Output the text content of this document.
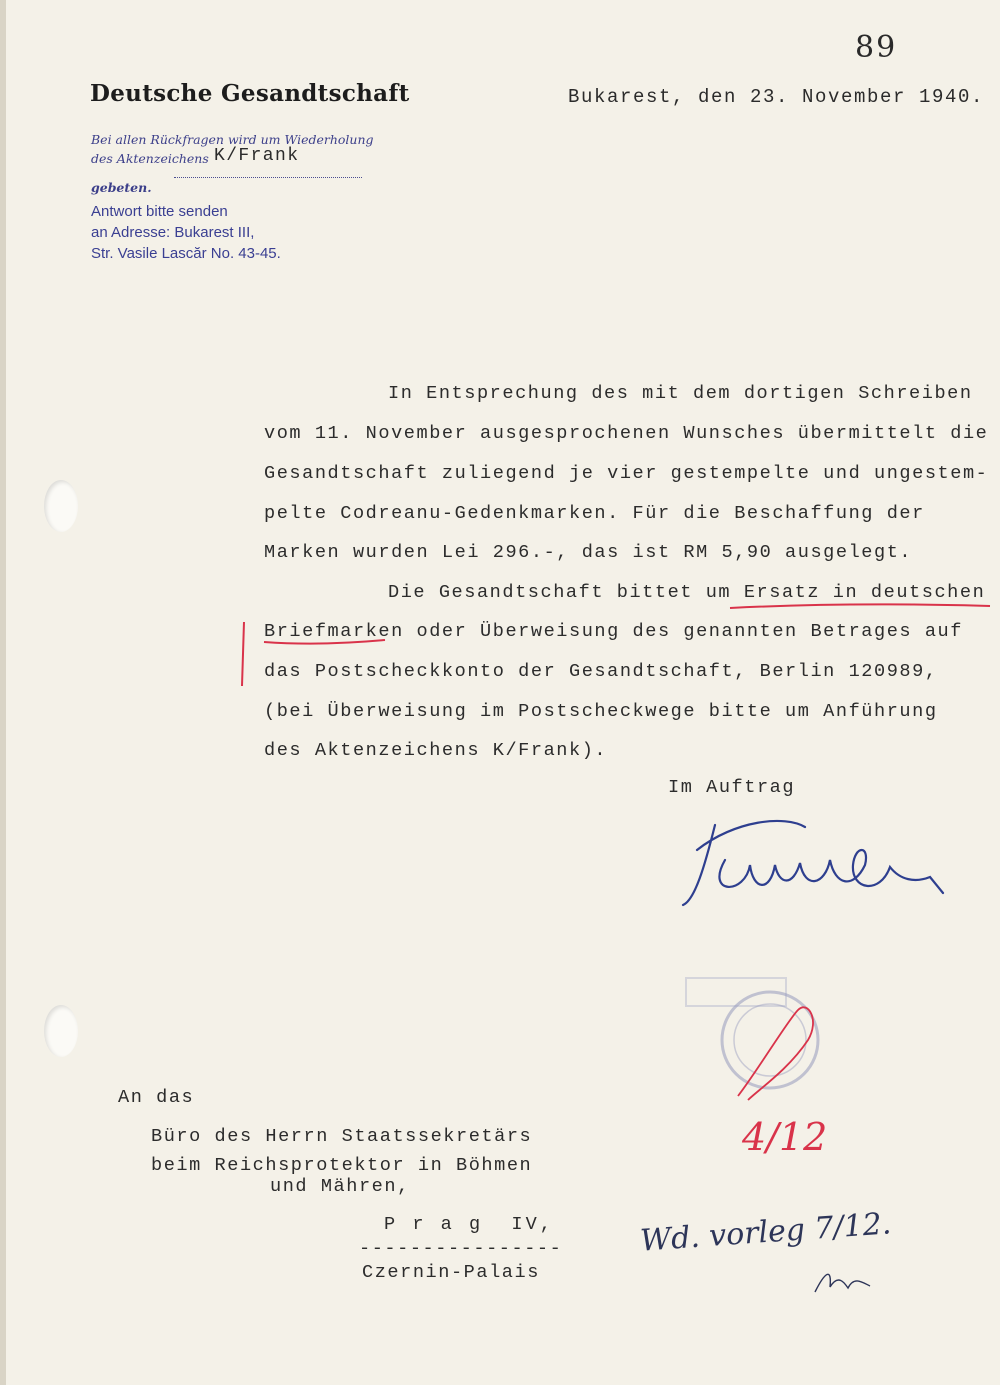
89
Deutsche Gesandtschaft	Bukarest, den 23. November 1940.
Bei allen Rückfragen wird um Wiederholung
des Aktenzeichens K/Frank
gebeten.
Antwort bitte senden
an Adresse: Bukarest III,
Str. Vasile Lascăr No. 43-45.
In Entsprechung des mit dem dortigen Schreiben
vom 11. November ausgesprochenen Wunsches übermittelt die
Gesandtschaft zuliegend je vier gestempelte und ungestem-
pelte Codreanu-Gedenkmarken. Für die Beschaffung der
Marken wurden Lei 296.-, das ist RM 5,90 ausgelegt.
Die Gesandtschaft bittet um Ersatz in deutschen
Briefmarken oder Überweisung des genannten Betrages auf
das Postscheckkonto der Gesandtschaft, Berlin 120989,
(bei Überweisung im Postscheckwege bitte um Anführung
des Aktenzeichens K/Frank).
Im Auftrag
4/12
An das
Büro des Herrn Staatssekretärs
beim Reichsprotektor in Böhmen
und Mähren,
P r a g  IV,
----------------
Czernin-Palais
Wd. vorleg 7/12.
